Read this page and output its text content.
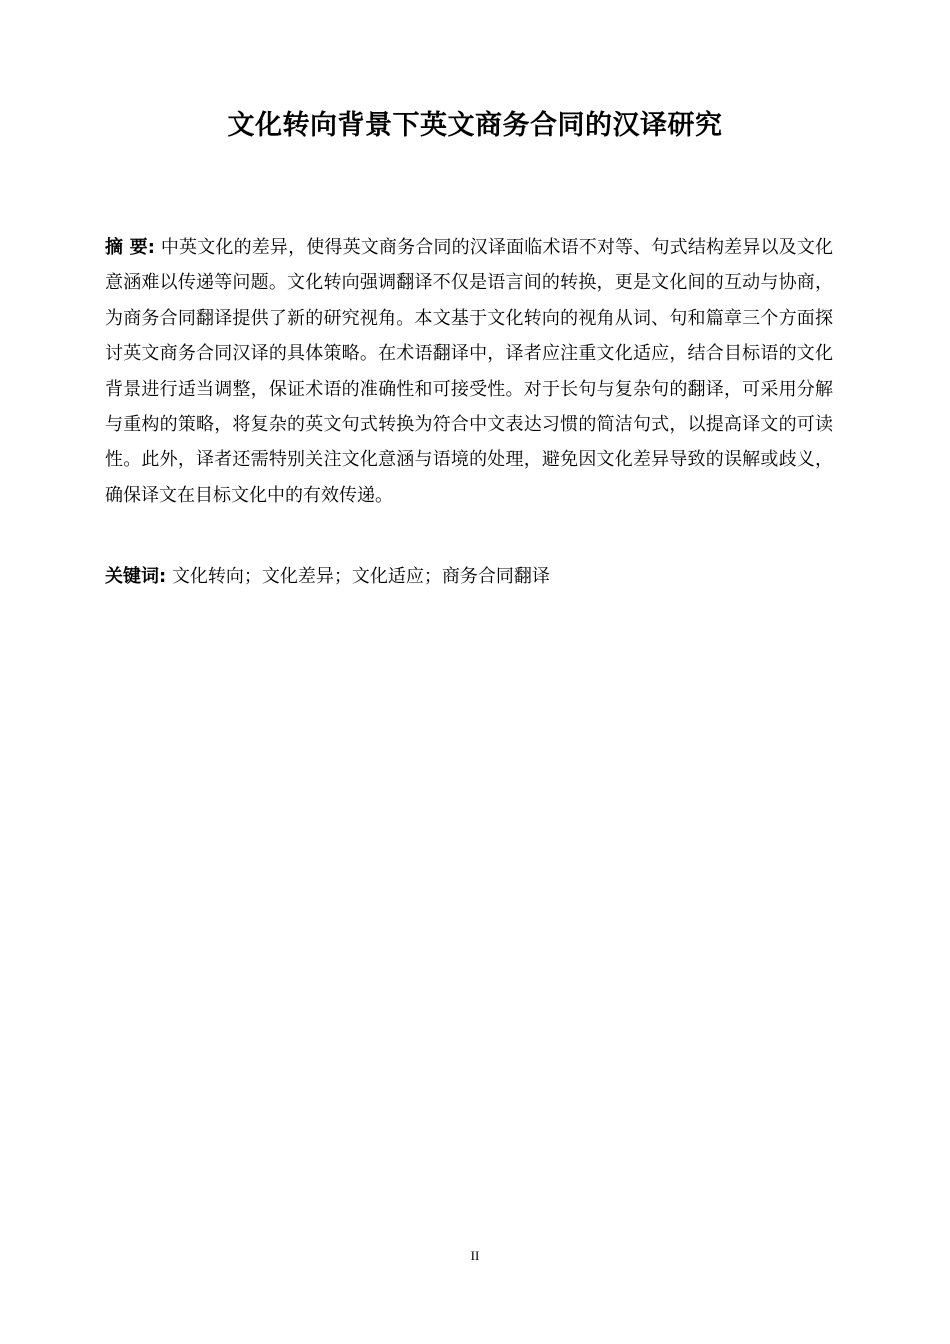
文化转向背景下英文商务合同的汉译研究

摘 要: 中英文化的差异，使得英文商务合同的汉译面临术语不对等、句式结构差异以及文化意涵难以传递等问题。文化转向强调翻译不仅是语言间的转换，更是文化间的互动与协商，为商务合同翻译提供了新的研究视角。本文基于文化转向的视角从词、句和篇章三个方面探讨英文商务合同汉译的具体策略。在术语翻译中，译者应注重文化适应，结合目标语的文化背景进行适当调整，保证术语的准确性和可接受性。对于长句与复杂句的翻译，可采用分解与重构的策略，将复杂的英文句式转换为符合中文表达习惯的简洁句式，以提高译文的可读性。此外，译者还需特别关注文化意涵与语境的处理，避免因文化差异导致的误解或歧义，确保译文在目标文化中的有效传递。

关键词: 文化转向；文化差异；文化适应；商务合同翻译

II
